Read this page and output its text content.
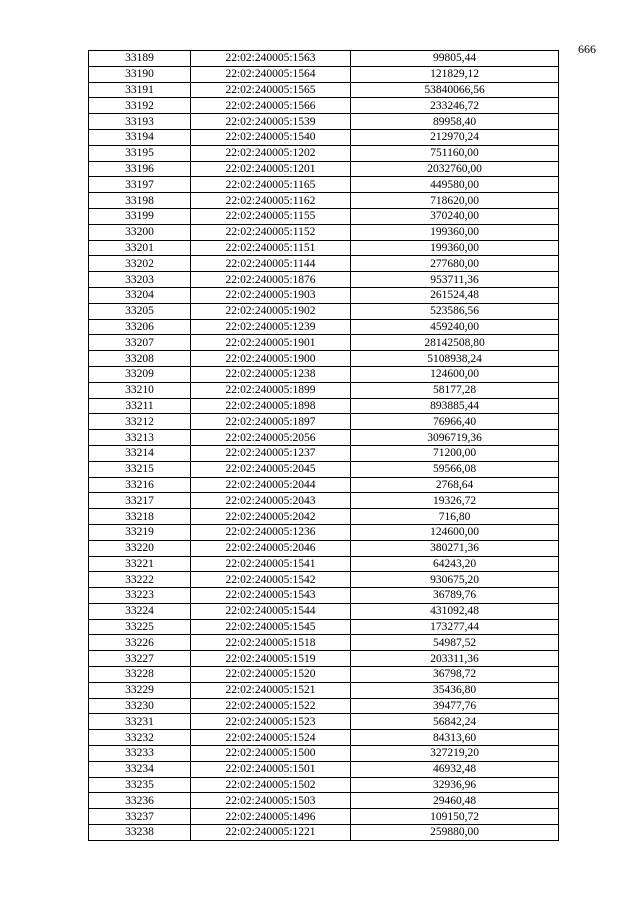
666
33189	22:02:240005:1563	99805,44
33190	22:02:240005:1564	121829,12
33191	22:02:240005:1565	53840066,56
33192	22:02:240005:1566	233246,72
33193	22:02:240005:1539	89958,40
33194	22:02:240005:1540	212970,24
33195	22:02:240005:1202	751160,00
33196	22:02:240005:1201	2032760,00
33197	22:02:240005:1165	449580,00
33198	22:02:240005:1162	718620,00
33199	22:02:240005:1155	370240,00
33200	22:02:240005:1152	199360,00
33201	22:02:240005:1151	199360,00
33202	22:02:240005:1144	277680,00
33203	22:02:240005:1876	953711,36
33204	22:02:240005:1903	261524,48
33205	22:02:240005:1902	523586,56
33206	22:02:240005:1239	459240,00
33207	22:02:240005:1901	28142508,80
33208	22:02:240005:1900	5108938,24
33209	22:02:240005:1238	124600,00
33210	22:02:240005:1899	58177,28
33211	22:02:240005:1898	893885,44
33212	22:02:240005:1897	76966,40
33213	22:02:240005:2056	3096719,36
33214	22:02:240005:1237	71200,00
33215	22:02:240005:2045	59566,08
33216	22:02:240005:2044	2768,64
33217	22:02:240005:2043	19326,72
33218	22:02:240005:2042	716,80
33219	22:02:240005:1236	124600,00
33220	22:02:240005:2046	380271,36
33221	22:02:240005:1541	64243,20
33222	22:02:240005:1542	930675,20
33223	22:02:240005:1543	36789,76
33224	22:02:240005:1544	431092,48
33225	22:02:240005:1545	173277,44
33226	22:02:240005:1518	54987,52
33227	22:02:240005:1519	203311,36
33228	22:02:240005:1520	36798,72
33229	22:02:240005:1521	35436,80
33230	22:02:240005:1522	39477,76
33231	22:02:240005:1523	56842,24
33232	22:02:240005:1524	84313,60
33233	22:02:240005:1500	327219,20
33234	22:02:240005:1501	46932,48
33235	22:02:240005:1502	32936,96
33236	22:02:240005:1503	29460,48
33237	22:02:240005:1496	109150,72
33238	22:02:240005:1221	259880,00
